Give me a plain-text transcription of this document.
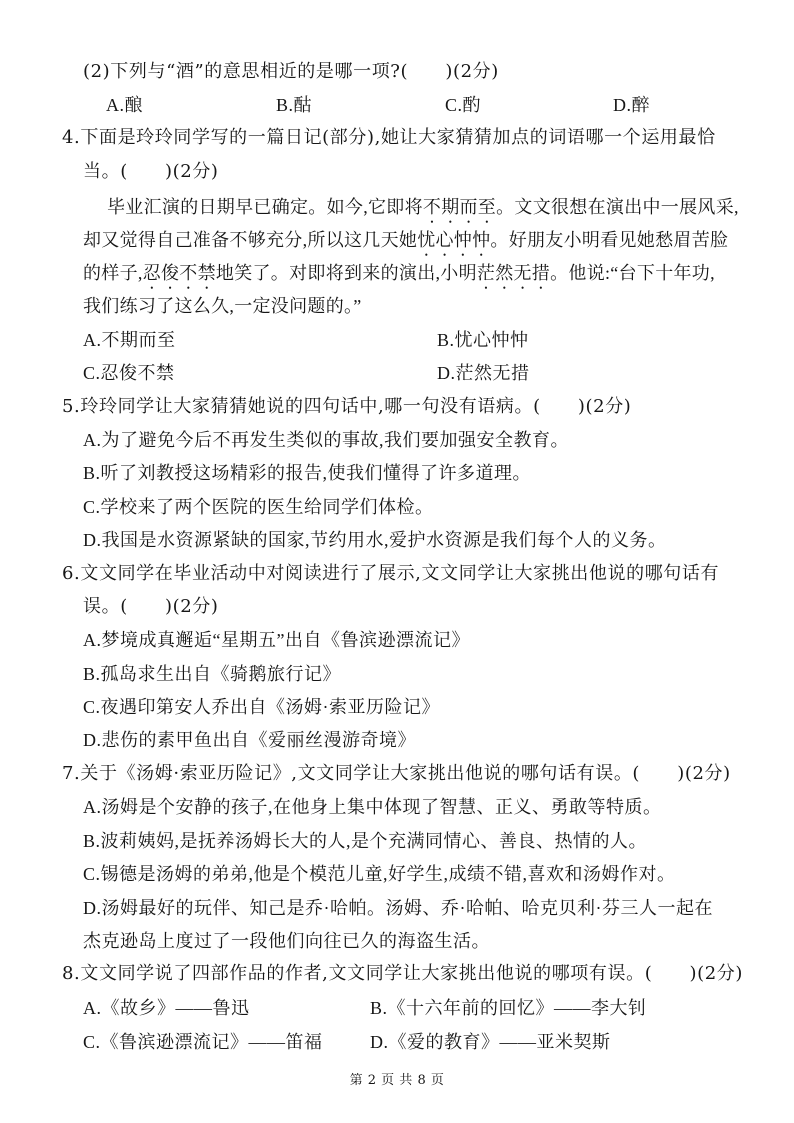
(2)下列与“酒”的意思相近的是哪一项?(　　)(2分)
A.酿	B.酤	C.酌	D.醉
4.下面是玲玲同学写的一篇日记(部分),她让大家猜猜加点的词语哪一个运用最恰
当。(　　)(2分)
毕业汇演的日期早已确定。如今,它即将不期而至。文文很想在演出中一展风采,
却又觉得自己准备不够充分,所以这几天她忧心忡忡。好朋友小明看见她愁眉苦脸
的样子,忍俊不禁地笑了。对即将到来的演出,小明茫然无措。他说:“台下十年功,
我们练习了这么久,一定没问题的。”
A.不期而至	B.忧心忡忡
C.忍俊不禁	D.茫然无措
5.玲玲同学让大家猜猜她说的四句话中,哪一句没有语病。(　　)(2分)
A.为了避免今后不再发生类似的事故,我们要加强安全教育。
B.听了刘教授这场精彩的报告,使我们懂得了许多道理。
C.学校来了两个医院的医生给同学们体检。
D.我国是水资源紧缺的国家,节约用水,爱护水资源是我们每个人的义务。
6.文文同学在毕业活动中对阅读进行了展示,文文同学让大家挑出他说的哪句话有
误。(　　)(2分)
A.梦境成真邂逅“星期五”出自《鲁滨逊漂流记》
B.孤岛求生出自《骑鹅旅行记》
C.夜遇印第安人乔出自《汤姆·索亚历险记》
D.悲伤的素甲鱼出自《爱丽丝漫游奇境》
7.关于《汤姆·索亚历险记》,文文同学让大家挑出他说的哪句话有误。(　　)(2分)
A.汤姆是个安静的孩子,在他身上集中体现了智慧、正义、勇敢等特质。
B.波莉姨妈,是抚养汤姆长大的人,是个充满同情心、善良、热情的人。
C.锡德是汤姆的弟弟,他是个模范儿童,好学生,成绩不错,喜欢和汤姆作对。
D.汤姆最好的玩伴、知己是乔·哈帕。汤姆、乔·哈帕、哈克贝利·芬三人一起在
杰克逊岛上度过了一段他们向往已久的海盗生活。
8.文文同学说了四部作品的作者,文文同学让大家挑出他说的哪项有误。(　　)(2分)
A.《故乡》——鲁迅	B.《十六年前的回忆》——李大钊
C.《鲁滨逊漂流记》——笛福	D.《爱的教育》——亚米契斯
第 2 页 共 8 页
